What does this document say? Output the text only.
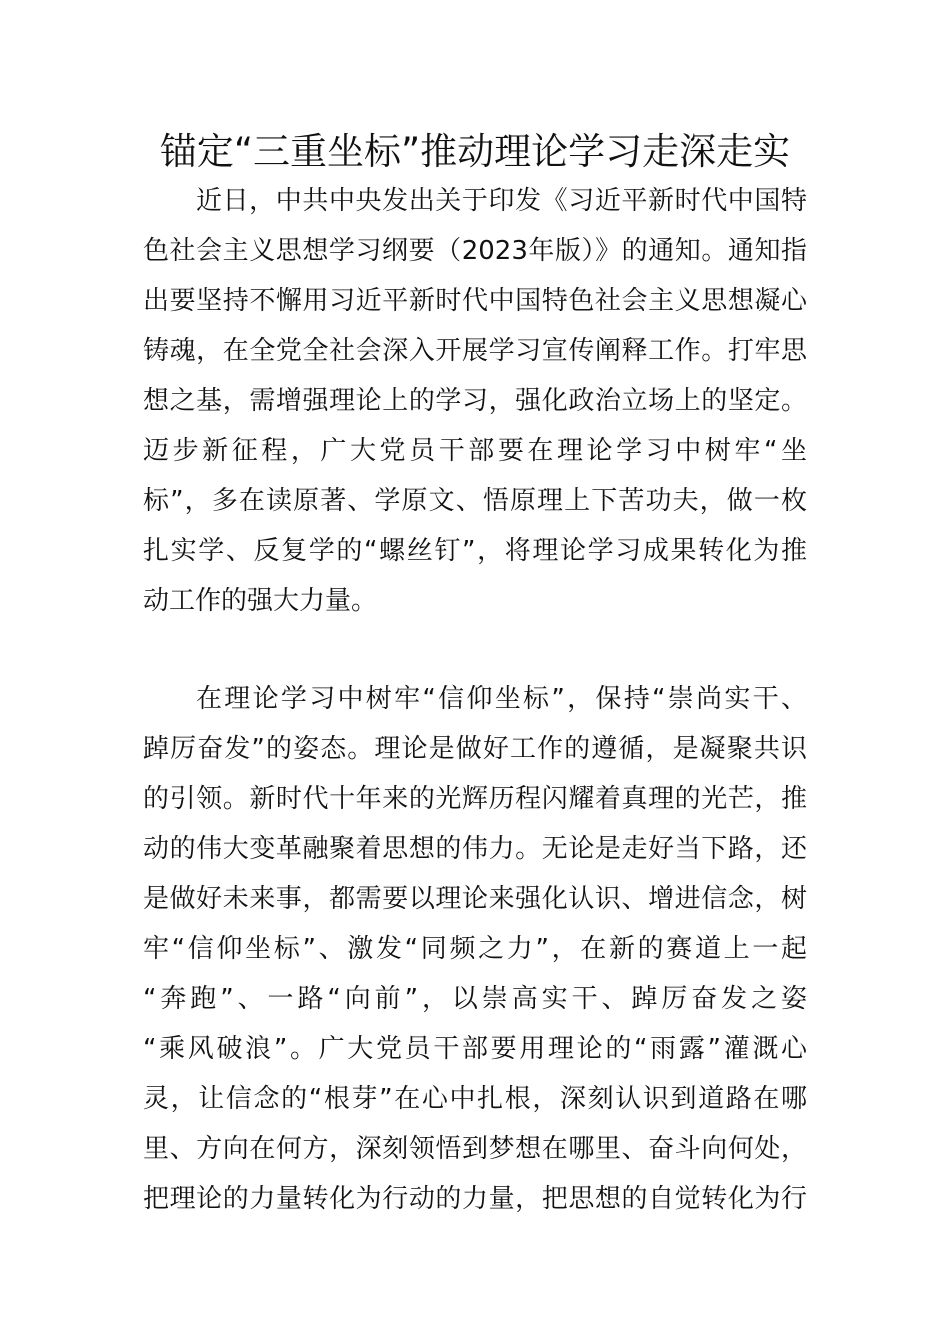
锚定“三重坐标”推动理论学习走深走实
近日，中共中央发出关于印发《习近平新时代中国特
色社会主义思想学习纲要（2023年版）》的通知。通知指
出要坚持不懈用习近平新时代中国特色社会主义思想凝心
铸魂，在全党全社会深入开展学习宣传阐释工作。打牢思
想之基，需增强理论上的学习，强化政治立场上的坚定。
迈步新征程，广大党员干部要在理论学习中树牢“坐
标”，多在读原著、学原文、悟原理上下苦功夫，做一枚
扎实学、反复学的“螺丝钉”，将理论学习成果转化为推
动工作的强大力量。
在理论学习中树牢“信仰坐标”，保持“崇尚实干、
踔厉奋发”的姿态。理论是做好工作的遵循，是凝聚共识
的引领。新时代十年来的光辉历程闪耀着真理的光芒，推
动的伟大变革融聚着思想的伟力。无论是走好当下路，还
是做好未来事，都需要以理论来强化认识、增进信念，树
牢“信仰坐标”、激发“同频之力”，在新的赛道上一起
“奔跑”、一路“向前”，以崇高实干、踔厉奋发之姿
“乘风破浪”。广大党员干部要用理论的“雨露”灌溉心
灵，让信念的“根芽”在心中扎根，深刻认识到道路在哪
里、方向在何方，深刻领悟到梦想在哪里、奋斗向何处，
把理论的力量转化为行动的力量，把思想的自觉转化为行
